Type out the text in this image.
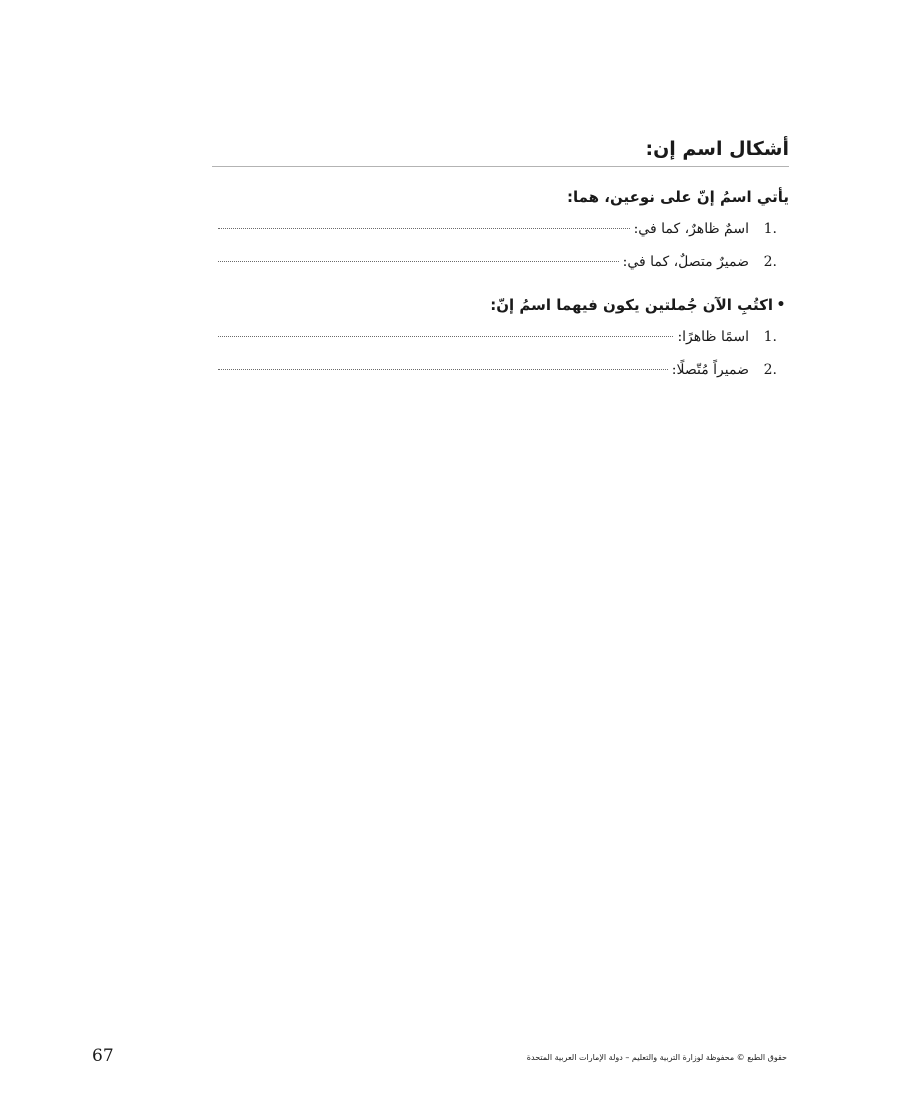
أشكال اسم إن:

يأتي اسمُ إنّ على نوعين، هما:

1.
اسمٌ ظاهرٌ، كما في:
2.
ضميرٌ متصلٌ، كما في:
•
اكتُبِ الآن جُملتين يكون فيهما اسمُ إنّ:
1.
اسمًا ظاهرًا:
2.
ضميراً مُتّصلًا:
67	حقوق الطبع © محفوظة لوزارة التربية والتعليم – دولة الإمارات العربية المتحدة
